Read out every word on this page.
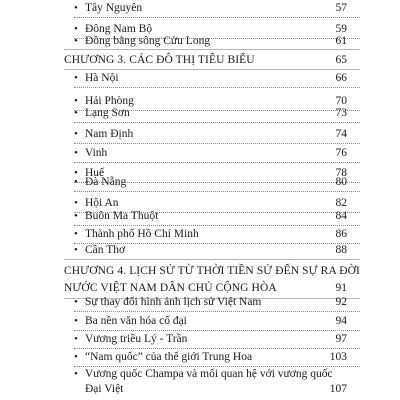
• Tây Nguyên	57
• Đông Nam Bộ	59
• Đồng bằng sông Cửu Long	61
CHƯƠNG 3. CÁC ĐÔ THỊ TIÊU BIỂU	65
• Hà Nội	66
• Hải Phòng	70
• Lạng Sơn	73
• Nam Định	74
• Vinh	76
• Huế	78
• Đà Nẵng	80
• Hội An	82
• Buôn Ma Thuột	84
• Thành phố Hồ Chí Minh	86
• Cần Thơ	88
CHƯƠNG 4. LỊCH SỬ TỪ THỜI TIỀN SỬ ĐẾN SỰ RA ĐỜI NƯỚC VIỆT NAM DÂN CHỦ CỘNG HÒA	91
• Sự thay đổi hình ảnh lịch sử Việt Nam	92
• Ba nền văn hóa cổ đại	94
• Vương triều Lý - Trần	97
• “Nam quốc” của thế giới Trung Hoa	103
• Vương quốc Champa và mối quan hệ với vương quốc Đại Việt	107
